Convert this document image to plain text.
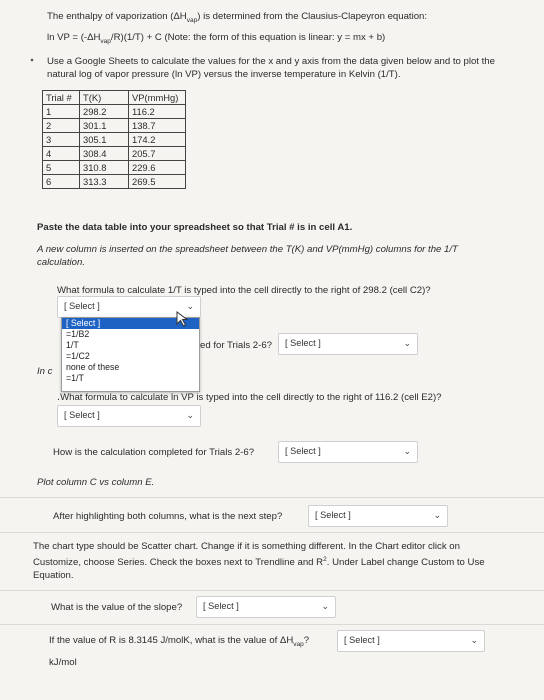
The enthalpy of vaporization $(\Delta H_{vap})$ is determined from the Clausius-Clapeyron equation:
ln VP = $(-\Delta H_{vap}/R)(1/T) + C$ (Note: the form of this equation is linear: y = mx + b)
Use a Google Sheets to calculate the values for the x and y axis from the data given below and to plot the natural log of vapor pressure (ln VP) versus the inverse temperature in Kelvin (1/T).
Trial #	T(K)	VP(mmHg)
1	298.2	116.2
2	301.1	138.7
3	305.1	174.2
4	308.4	205.7
5	310.8	229.6
6	313.3	269.5
Paste the data table into your spreadsheet so that Trial # is in cell A1.
A new column is inserted on the spreadsheet between the T(K) and VP(mmHg) columns for the 1/T calculation.
What formula to calculate 1/T is typed into the cell directly to the right of 298.2 (cell C2)?
[ Select ]	⌄
ed for Trials 2-6? [ Select ]	⌄
In c
[ Select ]
=1/B2
1/T
=1/C2
none of these
=1/T
.What formula to calculate ln VP is typed into the cell directly to the right of 116.2 (cell E2)?
[ Select ]	⌄
How is the calculation completed for Trials 2-6?	[ Select ]	⌄
Plot column C vs column E.
After highlighting both columns, what is the next step?	[ Select ]	⌄
The chart type should be Scatter chart. Change if it is something different. In the Chart editor click on Customize, choose Series. Check the boxes next to Trendline and $R^2$. Under Label change Custom to Use Equation.
What is the value of the slope? [ Select ]	⌄
If the value of R is 8.3145 J/molK, what is the value of $\Delta H_{vap}$?	[ Select ]	⌄
kJ/mol
